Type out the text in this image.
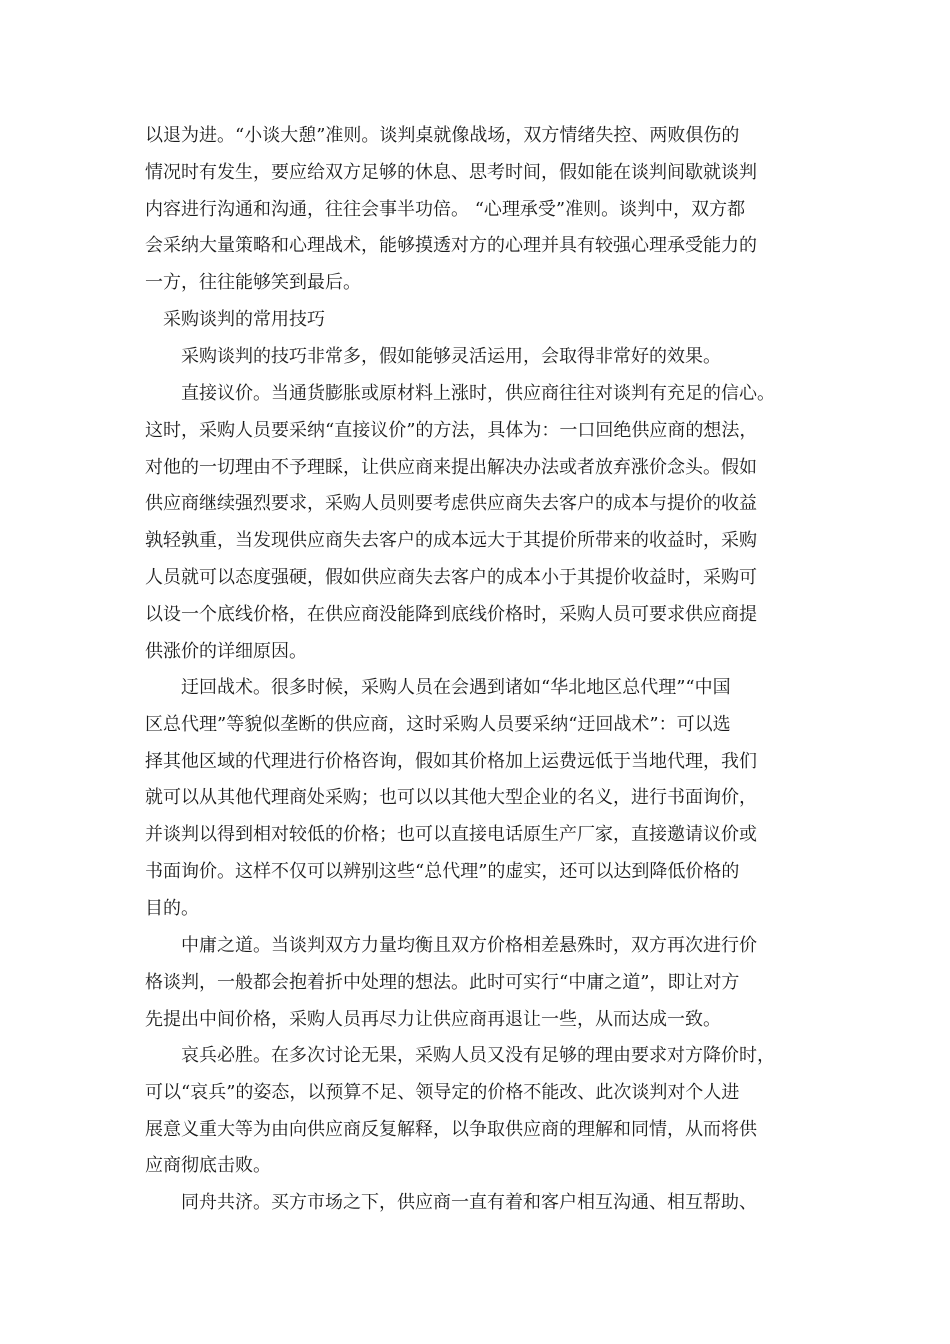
以退为进。“小谈大憩”准则。谈判桌就像战场，双方情绪失控、两败俱伤的
情况时有发生，要应给双方足够的休息、思考时间，假如能在谈判间歇就谈判
内容进行沟通和沟通，往往会事半功倍。 “心理承受”准则。谈判中，双方都
会采纳大量策略和心理战术，能够摸透对方的心理并具有较强心理承受能力的
一方，往往能够笑到最后。
采购谈判的常用技巧
采购谈判的技巧非常多，假如能够灵活运用，会取得非常好的效果。
直接议价。当通货膨胀或原材料上涨时，供应商往往对谈判有充足的信心。
这时，采购人员要采纳“直接议价”的方法，具体为：一口回绝供应商的想法，
对他的一切理由不予理睬，让供应商来提出解决办法或者放弃涨价念头。假如
供应商继续强烈要求，采购人员则要考虑供应商失去客户的成本与提价的收益
孰轻孰重，当发现供应商失去客户的成本远大于其提价所带来的收益时，采购
人员就可以态度强硬，假如供应商失去客户的成本小于其提价收益时，采购可
以设一个底线价格，在供应商没能降到底线价格时，采购人员可要求供应商提
供涨价的详细原因。
迂回战术。很多时候，采购人员在会遇到诸如“华北地区总代理”“中国
区总代理”等貌似垄断的供应商，这时采购人员要采纳“迂回战术”：可以选
择其他区域的代理进行价格咨询，假如其价格加上运费远低于当地代理，我们
就可以从其他代理商处采购；也可以以其他大型企业的名义，进行书面询价，
并谈判以得到相对较低的价格；也可以直接电话原生产厂家，直接邀请议价或
书面询价。这样不仅可以辨别这些“总代理”的虚实，还可以达到降低价格的
目的。
中庸之道。当谈判双方力量均衡且双方价格相差悬殊时，双方再次进行价
格谈判，一般都会抱着折中处理的想法。此时可实行“中庸之道”，即让对方
先提出中间价格，采购人员再尽力让供应商再退让一些，从而达成一致。
哀兵必胜。在多次讨论无果，采购人员又没有足够的理由要求对方降价时，
可以“哀兵”的姿态，以预算不足、领导定的价格不能改、此次谈判对个人进
展意义重大等为由向供应商反复解释，以争取供应商的理解和同情，从而将供
应商彻底击败。
同舟共济。买方市场之下，供应商一直有着和客户相互沟通、相互帮助、
